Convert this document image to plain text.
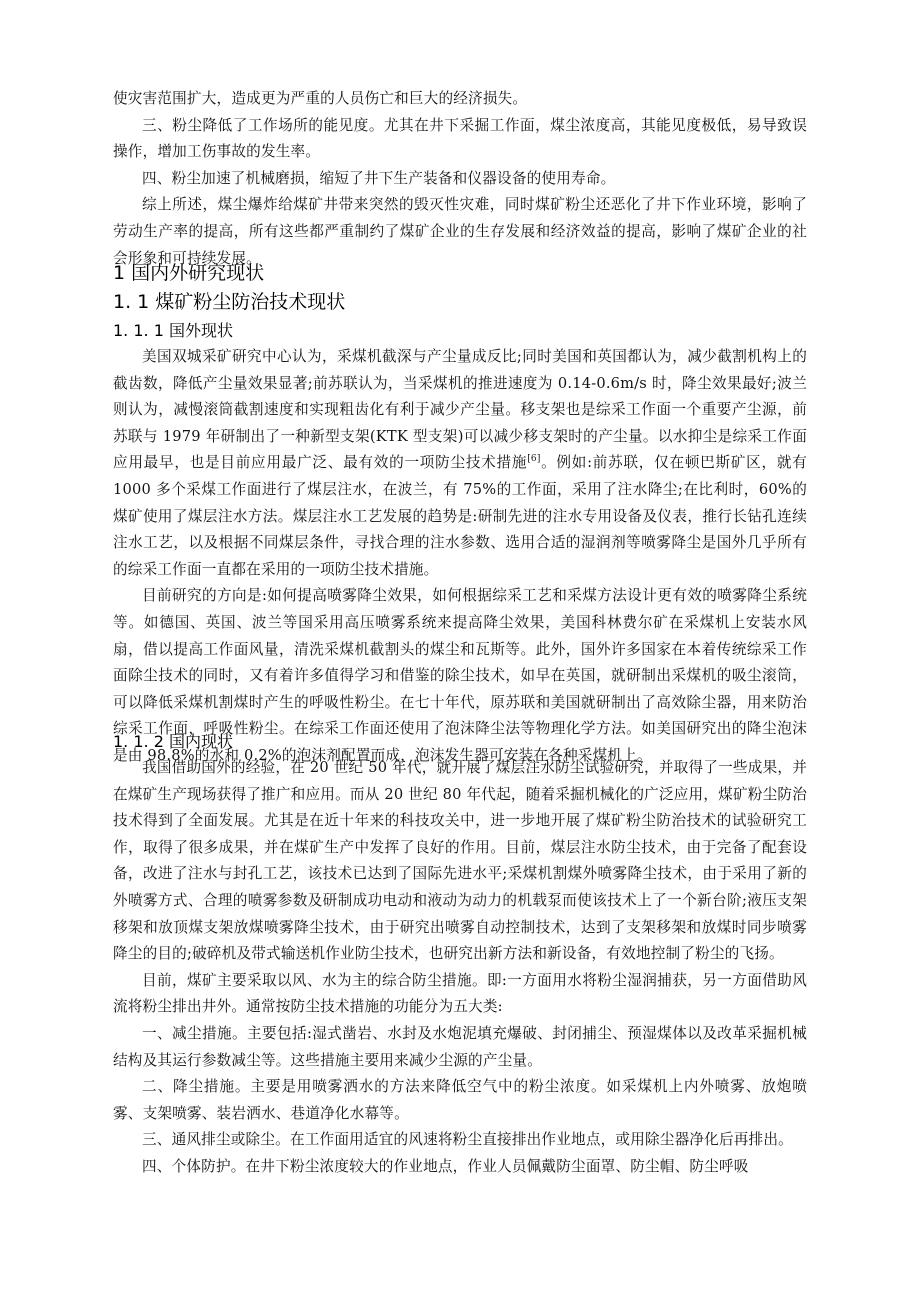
使灾害范围扩大，造成更为严重的人员伤亡和巨大的经济损失。

三、粉尘降低了工作场所的能见度。尤其在井下采掘工作面，煤尘浓度高，其能见度极低，易导致误操作，增加工伤事故的发生率。

四、粉尘加速了机械磨损，缩短了井下生产装备和仪器设备的使用寿命。

综上所述，煤尘爆炸给煤矿井带来突然的毁灭性灾难，同时煤矿粉尘还恶化了井下作业环境，影响了劳动生产率的提高，所有这些都严重制约了煤矿企业的生存发展和经济效益的提高，影响了煤矿企业的社会形象和可持续发展。

1 国内外研究现状
1. 1 煤矿粉尘防治技术现状
1. 1. 1 国外现状

美国双城采矿研究中心认为，采煤机截深与产尘量成反比;同时美国和英国都认为，减少截割机构上的截齿数，降低产尘量效果显著;前苏联认为，当采煤机的推进速度为 0.14-0.6m/s 时，降尘效果最好;波兰则认为，减慢滚筒截割速度和实现粗齿化有利于减少产尘量。移支架也是综采工作面一个重要产尘源，前苏联与 1979 年研制出了一种新型支架(KTK 型支架)可以减少移支架时的产尘量。以水抑尘是综采工作面应用最早，也是目前应用最广泛、最有效的一项防尘技术措施[6]。例如:前苏联，仅在顿巴斯矿区，就有 1000 多个采煤工作面进行了煤层注水，在波兰，有 75%的工作面，采用了注水降尘;在比利时，60%的煤矿使用了煤层注水方法。煤层注水工艺发展的趋势是:研制先进的注水专用设备及仪表，推行长钻孔连续注水工艺，以及根据不同煤层条件，寻找合理的注水参数、选用合适的湿润剂等喷雾降尘是国外几乎所有的综采工作面一直都在采用的一项防尘技术措施。

目前研究的方向是:如何提高喷雾降尘效果，如何根据综采工艺和采煤方法设计更有效的喷雾降尘系统等。如德国、英国、波兰等国采用高压喷雾系统来提高降尘效果，美国科林费尔矿在采煤机上安装水风扇，借以提高工作面风量，清洗采煤机截割头的煤尘和瓦斯等。此外，国外许多国家在本着传统综采工作面除尘技术的同时，又有着许多值得学习和借鉴的除尘技术，如早在英国，就研制出采煤机的吸尘滚筒，可以降低采煤机割煤时产生的呼吸性粉尘。在七十年代，原苏联和美国就研制出了高效除尘器，用来防治综采工作面，呼吸性粉尘。在综采工作面还使用了泡沫降尘法等物理化学方法。如美国研究出的降尘泡沫是由 98.8%的水和 0.2%的泡沫剂配置而成，泡沫发生器可安装在各种采煤机上。

1. 1. 2 国内现状

我国借助国外的经验，在 20 世纪 50 年代，就开展了煤层注水防尘试验研究，并取得了一些成果，并在煤矿生产现场获得了推广和应用。而从 20 世纪 80 年代起，随着采掘机械化的广泛应用，煤矿粉尘防治技术得到了全面发展。尤其是在近十年来的科技攻关中，进一步地开展了煤矿粉尘防治技术的试验研究工作，取得了很多成果，并在煤矿生产中发挥了良好的作用。目前，煤层注水防尘技术，由于完备了配套设备，改进了注水与封孔工艺，该技术已达到了国际先进水平;采煤机割煤外喷雾降尘技术，由于采用了新的外喷雾方式、合理的喷雾参数及研制成功电动和液动为动力的机载泵而使该技术上了一个新台阶;液压支架移架和放顶煤支架放煤喷雾降尘技术，由于研究出喷雾自动控制技术，达到了支架移架和放煤时同步喷雾降尘的目的;破碎机及带式输送机作业防尘技术，也研究出新方法和新设备，有效地控制了粉尘的飞扬。

目前，煤矿主要采取以风、水为主的综合防尘措施。即:一方面用水将粉尘湿润捕获，另一方面借助风流将粉尘排出井外。通常按防尘技术措施的功能分为五大类:

一、减尘措施。主要包括:湿式凿岩、水封及水炮泥填充爆破、封闭捕尘、预湿煤体以及改革采掘机械结构及其运行参数减尘等。这些措施主要用来减少尘源的产尘量。

二、降尘措施。主要是用喷雾洒水的方法来降低空气中的粉尘浓度。如采煤机上内外喷雾、放炮喷雾、支架喷雾、装岩洒水、巷道净化水幕等。

三、通风排尘或除尘。在工作面用适宜的风速将粉尘直接排出作业地点，或用除尘器净化后再排出。

四、个体防护。在井下粉尘浓度较大的作业地点，作业人员佩戴防尘面罩、防尘帽、防尘呼吸
